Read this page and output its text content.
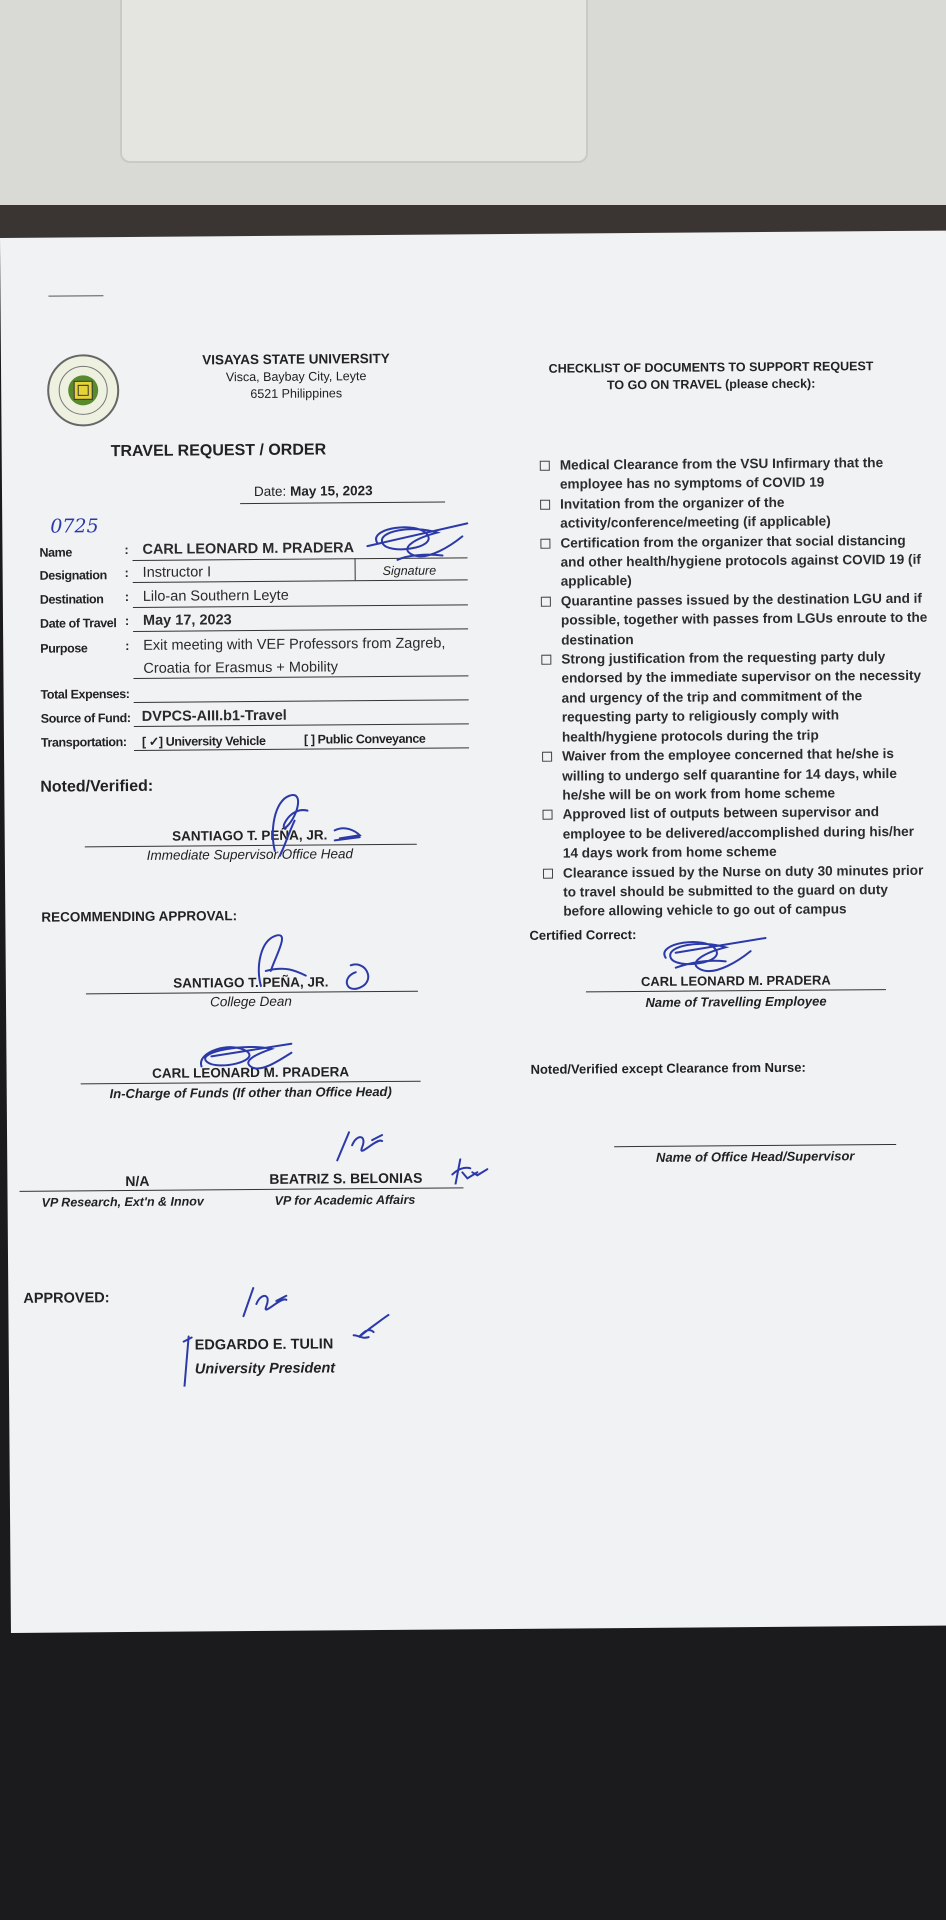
VISAYAS STATE UNIVERSITY
Visca, Baybay City, Leyte
6521 Philippines
TRAVEL REQUEST / ORDER
Date: May 15, 2023
0725
Name	: CARL LEONARD M. PRADERA
Designation : Instructor I	Signature
Destination : Lilo-an Southern Leyte
Date of Travel : May 17, 2023
Purpose	: Exit meeting with VEF Professors from Zagreb,
Croatia for Erasmus + Mobility
Total Expenses:
Source of Fund: DVPCS-AIII.b1-Travel
Transportation: [ ✓] University Vehicle	[ ] Public Conveyance
Noted/Verified:
SANTIAGO T. PEÑA, JR.
Immediate Supervisor/Office Head
RECOMMENDING APPROVAL:
SANTIAGO T. PEÑA, JR.
College Dean
CARL LEONARD M. PRADERA
In-Charge of Funds (If other than Office Head)
N/A	BEATRIZ S. BELONIAS
VP Research, Ext'n & Innov	VP for Academic Affairs
APPROVED:
EDGARDO E. TULIN
University President
CHECKLIST OF DOCUMENTS TO SUPPORT REQUEST
TO GO ON TRAVEL (please check):
Medical Clearance from the VSU Infirmary that the employee has no symptoms of COVID 19
Invitation from the organizer of the activity/conference/meeting (if applicable)
Certification from the organizer that social distancing and other health/hygiene protocols against COVID 19 (if applicable)
Quarantine passes issued by the destination LGU and if possible, together with passes from LGUs enroute to the destination
Strong justification from the requesting party duly endorsed by the immediate supervisor on the necessity and urgency of the trip and commitment of the requesting party to religiously comply with health/hygiene protocols during the trip
Waiver from the employee concerned that he/she is willing to undergo self quarantine for 14 days, while he/she will be on work from home scheme
Approved list of outputs between supervisor and employee to be delivered/accomplished during his/her 14 days work from home scheme
Clearance issued by the Nurse on duty 30 minutes prior to travel should be submitted to the guard on duty before allowing vehicle to go out of campus
Certified Correct:
CARL LEONARD M. PRADERA
Name of Travelling Employee
Noted/Verified except Clearance from Nurse:
Name of Office Head/Supervisor
